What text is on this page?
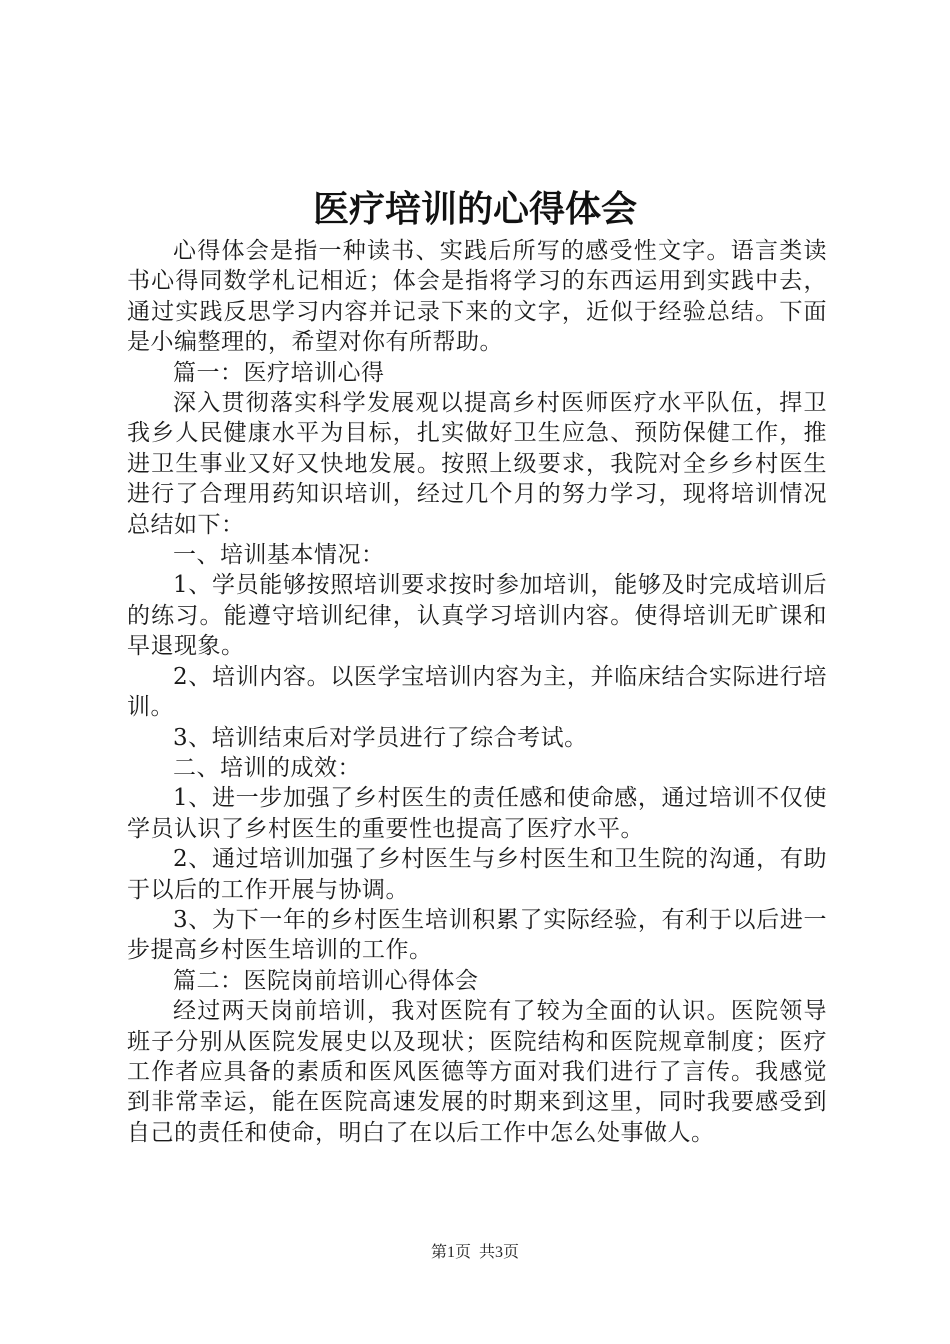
医疗培训的心得体会

心得体会是指一种读书、实践后所写的感受性文字。语言类读书心得同数学札记相近；体会是指将学习的东西运用到实践中去，通过实践反思学习内容并记录下来的文字，近似于经验总结。下面是小编整理的，希望对你有所帮助。

篇一：医疗培训心得

深入贯彻落实科学发展观以提高乡村医师医疗水平队伍，捍卫我乡人民健康水平为目标，扎实做好卫生应急、预防保健工作，推进卫生事业又好又快地发展。按照上级要求，我院对全乡乡村医生进行了合理用药知识培训，经过几个月的努力学习，现将培训情况总结如下：

一、培训基本情况：

1、学员能够按照培训要求按时参加培训，能够及时完成培训后的练习。能遵守培训纪律，认真学习培训内容。使得培训无旷课和早退现象。

2、培训内容。以医学宝培训内容为主，并临床结合实际进行培训。

3、培训结束后对学员进行了综合考试。

二、培训的成效：

1、进一步加强了乡村医生的责任感和使命感，通过培训不仅使学员认识了乡村医生的重要性也提高了医疗水平。

2、通过培训加强了乡村医生与乡村医生和卫生院的沟通，有助于以后的工作开展与协调。

3、为下一年的乡村医生培训积累了实际经验，有利于以后进一步提高乡村医生培训的工作。

篇二：医院岗前培训心得体会

经过两天岗前培训，我对医院有了较为全面的认识。医院领导班子分别从医院发展史以及现状；医院结构和医院规章制度；医疗工作者应具备的素质和医风医德等方面对我们进行了言传。我感觉到非常幸运，能在医院高速发展的时期来到这里，同时我要感受到自己的责任和使命，明白了在以后工作中怎么处事做人。

第1页  共3页
